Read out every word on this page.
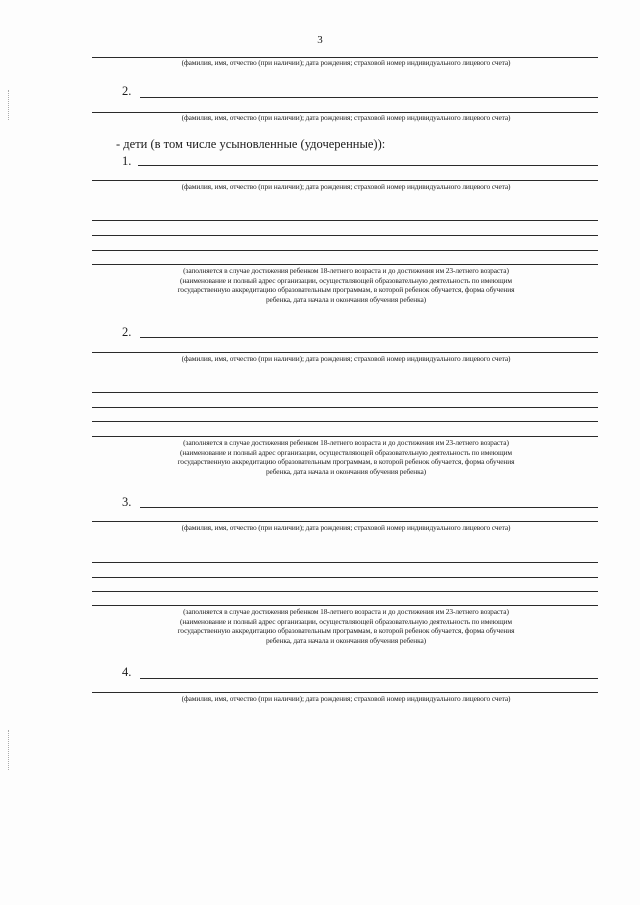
3
(фамилия, имя, отчество (при наличии); дата рождения; страховой номер индивидуального лицевого счета)
2.
(фамилия, имя, отчество (при наличии); дата рождения; страховой номер индивидуального лицевого счета)
- дети (в том числе усыновленные (удочеренные)):
1.
(фамилия, имя, отчество (при наличии); дата рождения; страховой номер индивидуального лицевого счета)
(заполняется в случае достижения ребенком 18-летнего возраста и до достижения им 23-летнего возраста)
(наименование и полный адрес организации, осуществляющей образовательную деятельность по имеющим
государственную аккредитацию образовательным программам, в которой ребенок обучается, форма обучения
ребенка, дата начала и окончания обучения ребенка)
2.
(фамилия, имя, отчество (при наличии); дата рождения; страховой номер индивидуального лицевого счета)
(заполняется в случае достижения ребенком 18-летнего возраста и до достижения им 23-летнего возраста)
(наименование и полный адрес организации, осуществляющей образовательную деятельность по имеющим
государственную аккредитацию образовательным программам, в которой ребенок обучается, форма обучения
ребенка, дата начала и окончания обучения ребенка)
3.
(фамилия, имя, отчество (при наличии); дата рождения; страховой номер индивидуального лицевого счета)
(заполняется в случае достижения ребенком 18-летнего возраста и до достижения им 23-летнего возраста)
(наименование и полный адрес организации, осуществляющей образовательную деятельность по имеющим
государственную аккредитацию образовательным программам, в которой ребенок обучается, форма обучения
ребенка, дата начала и окончания обучения ребенка)
4.
(фамилия, имя, отчество (при наличии); дата рождения; страховой номер индивидуального лицевого счета)
